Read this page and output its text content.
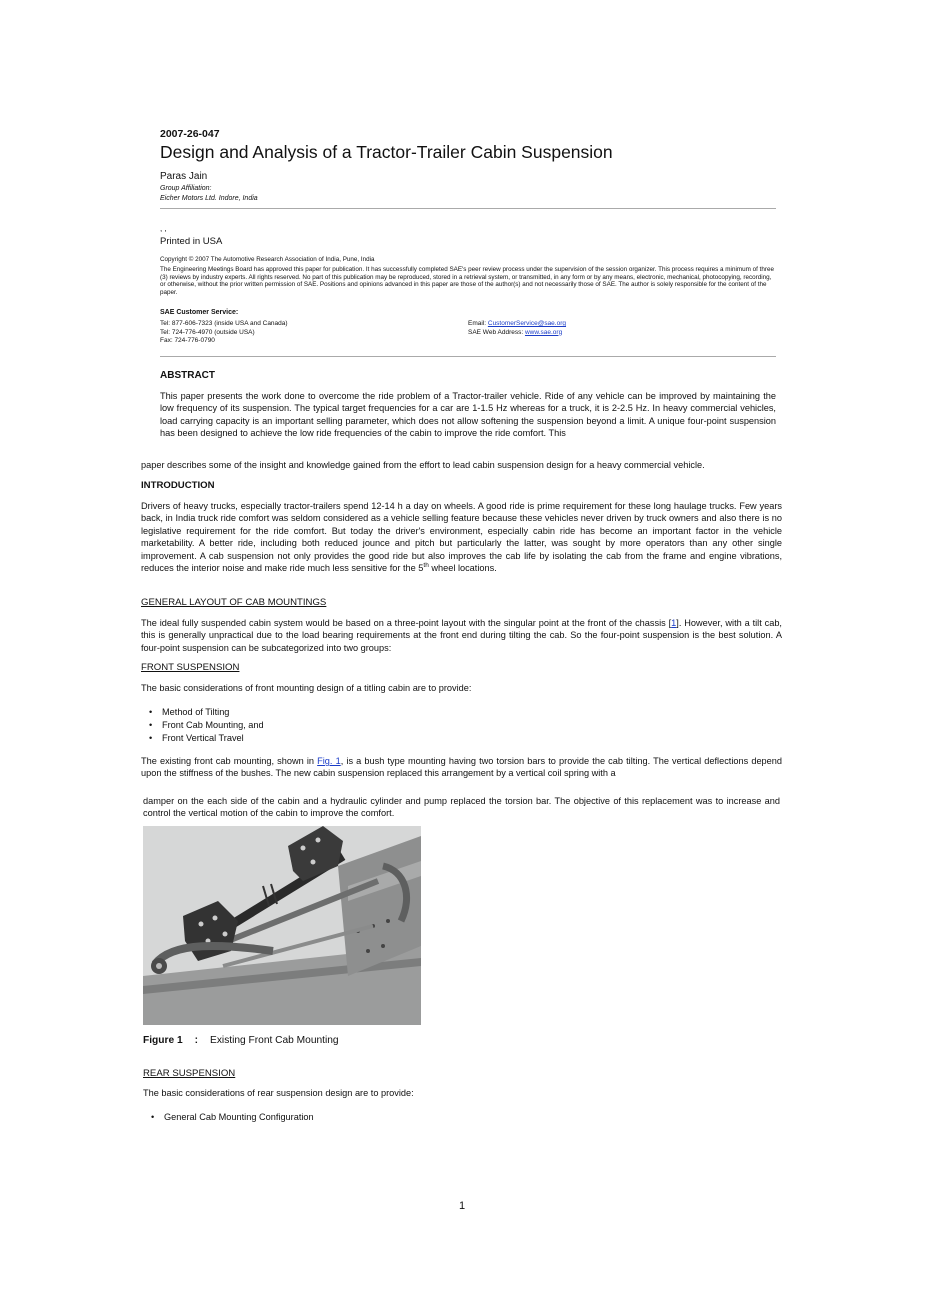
2007-26-047
Design and Analysis of a Tractor-Trailer Cabin Suspension
Paras Jain
Group Affiliation:
Eicher Motors Ltd. Indore, India
, ,
Printed in USA
Copyright © 2007 The Automotive Research Association of India, Pune, India
The Engineering Meetings Board has approved this paper for publication. It has successfully completed SAE's peer review process under the supervision of the session organizer. This process requires a minimum of three (3) reviews by industry experts. All rights reserved. No part of this publication may be reproduced, stored in a retrieval system, or transmitted, in any form or by any means, electronic, mechanical, photocopying, recording, or otherwise, without the prior written permission of SAE. Positions and opinions advanced in this paper are those of the author(s) and not necessarily those of SAE. The author is solely responsible for the content of the paper.
SAE Customer Service:
Tel: 877-606-7323 (inside USA and Canada)
Tel: 724-776-4970 (outside USA)
Fax: 724-776-0790
Email: CustomerService@sae.org
SAE Web Address: www.sae.org
ABSTRACT
This paper presents the work done to overcome the ride problem of a Tractor-trailer vehicle. Ride of any vehicle can be improved by maintaining the low frequency of its suspension. The typical target frequencies for a car are 1-1.5 Hz whereas for a truck, it is 2-2.5 Hz. In heavy commercial vehicles, load carrying capacity is an important selling parameter, which does not allow softening the suspension beyond a limit. A unique four-point suspension has been designed to achieve the low ride frequencies of the cabin to improve the ride comfort. This
paper describes some of the insight and knowledge gained from the effort to lead cabin suspension design for a heavy commercial vehicle.
INTRODUCTION
Drivers of heavy trucks, especially tractor-trailers spend 12-14 h a day on wheels. A good ride is prime requirement for these long haulage trucks. Few years back, in India truck ride comfort was seldom considered as a vehicle selling feature because these vehicles never driven by truck owners and also there is no legislative requirement for the ride comfort. But today the driver's environment, especially cabin ride has become an important factor in the vehicle marketability. A better ride, including both reduced jounce and pitch but particularly the latter, was sought by more operators than any other single improvement. A cab suspension not only provides the good ride but also improves the cab life by isolating the cab from the frame and engine vibrations, reduces the interior noise and make ride much less sensitive for the 5th wheel locations.
GENERAL LAYOUT OF CAB MOUNTINGS
The ideal fully suspended cabin system would be based on a three-point layout with the singular point at the front of the chassis [1]. However, with a tilt cab, this is generally unpractical due to the load bearing requirements at the front end during tilting the cab. So the four-point suspension is the best solution. A four-point suspension can be subcategorized into two groups:
FRONT SUSPENSION
The basic considerations of front mounting design of a titling cabin are to provide:
• Method of Tilting
• Front Cab Mounting, and
• Front Vertical Travel
The existing front cab mounting, shown in Fig. 1, is a bush type mounting having two torsion bars to provide the cab tilting. The vertical deflections depend upon the stiffness of the bushes. The new cabin suspension replaced this arrangement by a vertical coil spring with a
damper on the each side of the cabin and a hydraulic cylinder and pump replaced the torsion bar. The objective of this replacement was to increase and control the vertical motion of the cabin to improve the comfort.
Figure 1 : Existing Front Cab Mounting
REAR SUSPENSION
The basic considerations of rear suspension design are to provide:
• General Cab Mounting Configuration
1
